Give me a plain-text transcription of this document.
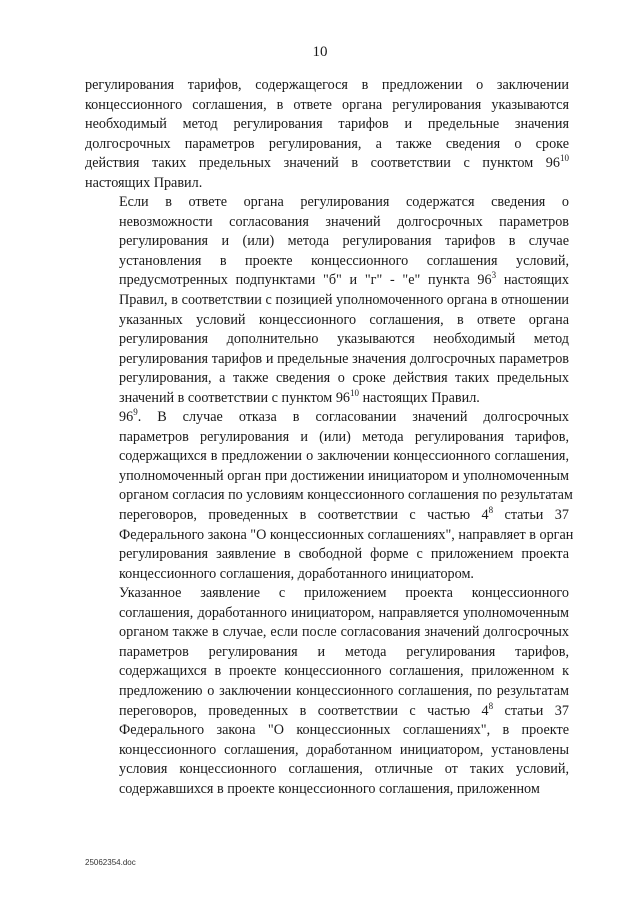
10

регулирования тарифов, содержащегося в предложении о заключении
концессионного соглашения, в ответе органа регулирования указываются
необходимый метод регулирования тарифов и предельные значения
долгосрочных параметров регулирования, а также сведения о сроке
действия таких предельных значений в соответствии с пунктом $96^{10}$
настоящих Правил.

Если в ответе органа регулирования содержатся сведения о
невозможности согласования значений долгосрочных параметров
регулирования и (или) метода регулирования тарифов в случае
установления в проекте концессионного соглашения условий,
предусмотренных подпунктами "б" и "г" - "е" пункта $96^3$ настоящих
Правил, в соответствии с позицией уполномоченного органа в отношении
указанных условий концессионного соглашения, в ответе органа
регулирования дополнительно указываются необходимый метод
регулирования тарифов и предельные значения долгосрочных параметров
регулирования, а также сведения о сроке действия таких предельных
значений в соответствии с пунктом $96^{10}$ настоящих Правил.

$96^9$. В случае отказа в согласовании значений долгосрочных
параметров регулирования и (или) метода регулирования тарифов,
содержащихся в предложении о заключении концессионного соглашения,
уполномоченный орган при достижении инициатором и уполномоченным
органом согласия по условиям концессионного соглашения по результатам
переговоров, проведенных в соответствии с частью $4^8$ статьи 37
Федерального закона "О концессионных соглашениях", направляет в орган
регулирования заявление в свободной форме с приложением проекта
концессионного соглашения, доработанного инициатором.

Указанное заявление с приложением проекта концессионного
соглашения, доработанного инициатором, направляется уполномоченным
органом также в случае, если после согласования значений долгосрочных
параметров регулирования и метода регулирования тарифов,
содержащихся в проекте концессионного соглашения, приложенном к
предложению о заключении концессионного соглашения, по результатам
переговоров, проведенных в соответствии с частью $4^8$ статьи 37
Федерального закона "О концессионных соглашениях", в проекте
концессионного соглашения, доработанном инициатором, установлены
условия концессионного соглашения, отличные от таких условий,
содержавшихся в проекте концессионного соглашения, приложенном

25062354.doc
